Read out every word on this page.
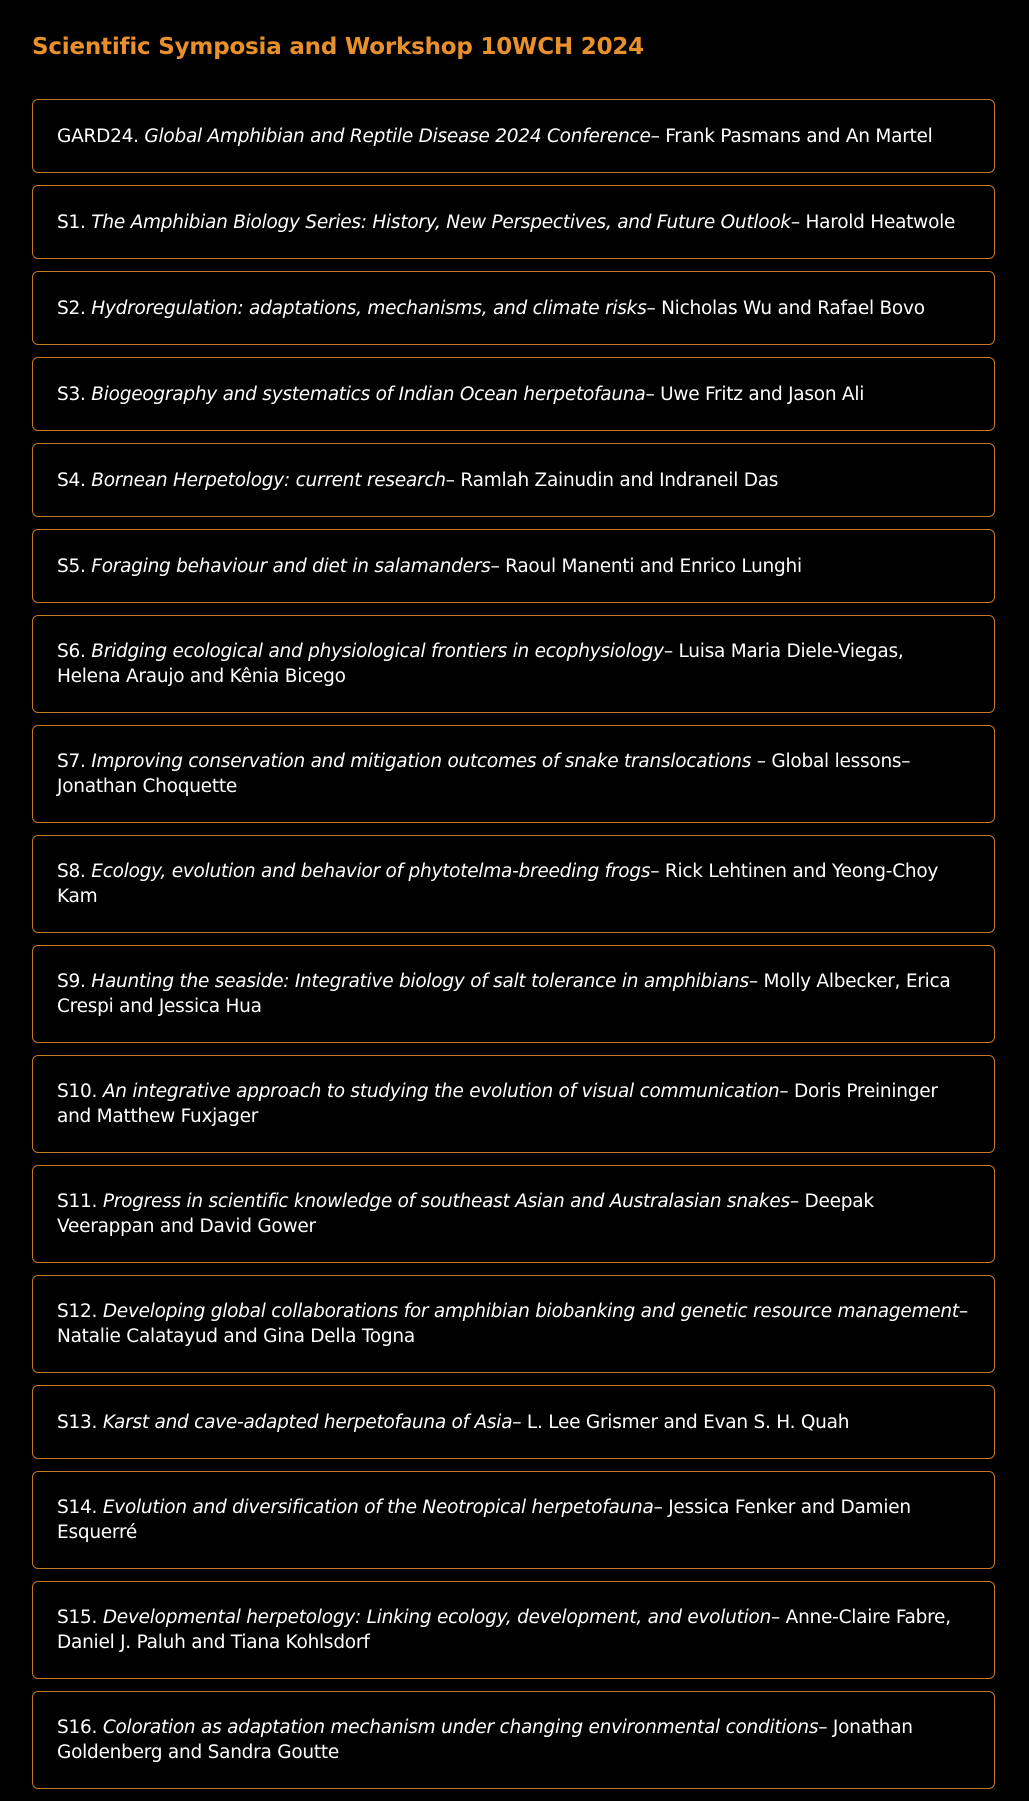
Scientific Symposia and Workshop 10WCH 2024
GARD24. Global Amphibian and Reptile Disease 2024 Conference– Frank Pasmans and An Martel
S1. The Amphibian Biology Series: History, New Perspectives, and Future Outlook– Harold Heatwole
S2. Hydroregulation: adaptations, mechanisms, and climate risks– Nicholas Wu and Rafael Bovo
S3. Biogeography and systematics of Indian Ocean herpetofauna– Uwe Fritz and Jason Ali
S4. Bornean Herpetology: current research– Ramlah Zainudin and Indraneil Das
S5. Foraging behaviour and diet in salamanders– Raoul Manenti and Enrico Lunghi
S6. Bridging ecological and physiological frontiers in ecophysiology– Luisa Maria Diele-Viegas, Helena Araujo and Kênia Bicego
S7. Improving conservation and mitigation outcomes of snake translocations – Global lessons– Jonathan Choquette
S8. Ecology, evolution and behavior of phytotelma-breeding frogs– Rick Lehtinen and Yeong-Choy Kam
S9. Haunting the seaside: Integrative biology of salt tolerance in amphibians– Molly Albecker, Erica Crespi and Jessica Hua
S10. An integrative approach to studying the evolution of visual communication– Doris Preininger and Matthew Fuxjager
S11. Progress in scientific knowledge of southeast Asian and Australasian snakes– Deepak Veerappan and David Gower
S12. Developing global collaborations for amphibian biobanking and genetic resource management– Natalie Calatayud and Gina Della Togna
S13. Karst and cave-adapted herpetofauna of Asia– L. Lee Grismer and Evan S. H. Quah
S14. Evolution and diversification of the Neotropical herpetofauna– Jessica Fenker and Damien Esquerré
S15. Developmental herpetology: Linking ecology, development, and evolution– Anne-Claire Fabre, Daniel J. Paluh and Tiana Kohlsdorf
S16. Coloration as adaptation mechanism under changing environmental conditions– Jonathan Goldenberg and Sandra Goutte
